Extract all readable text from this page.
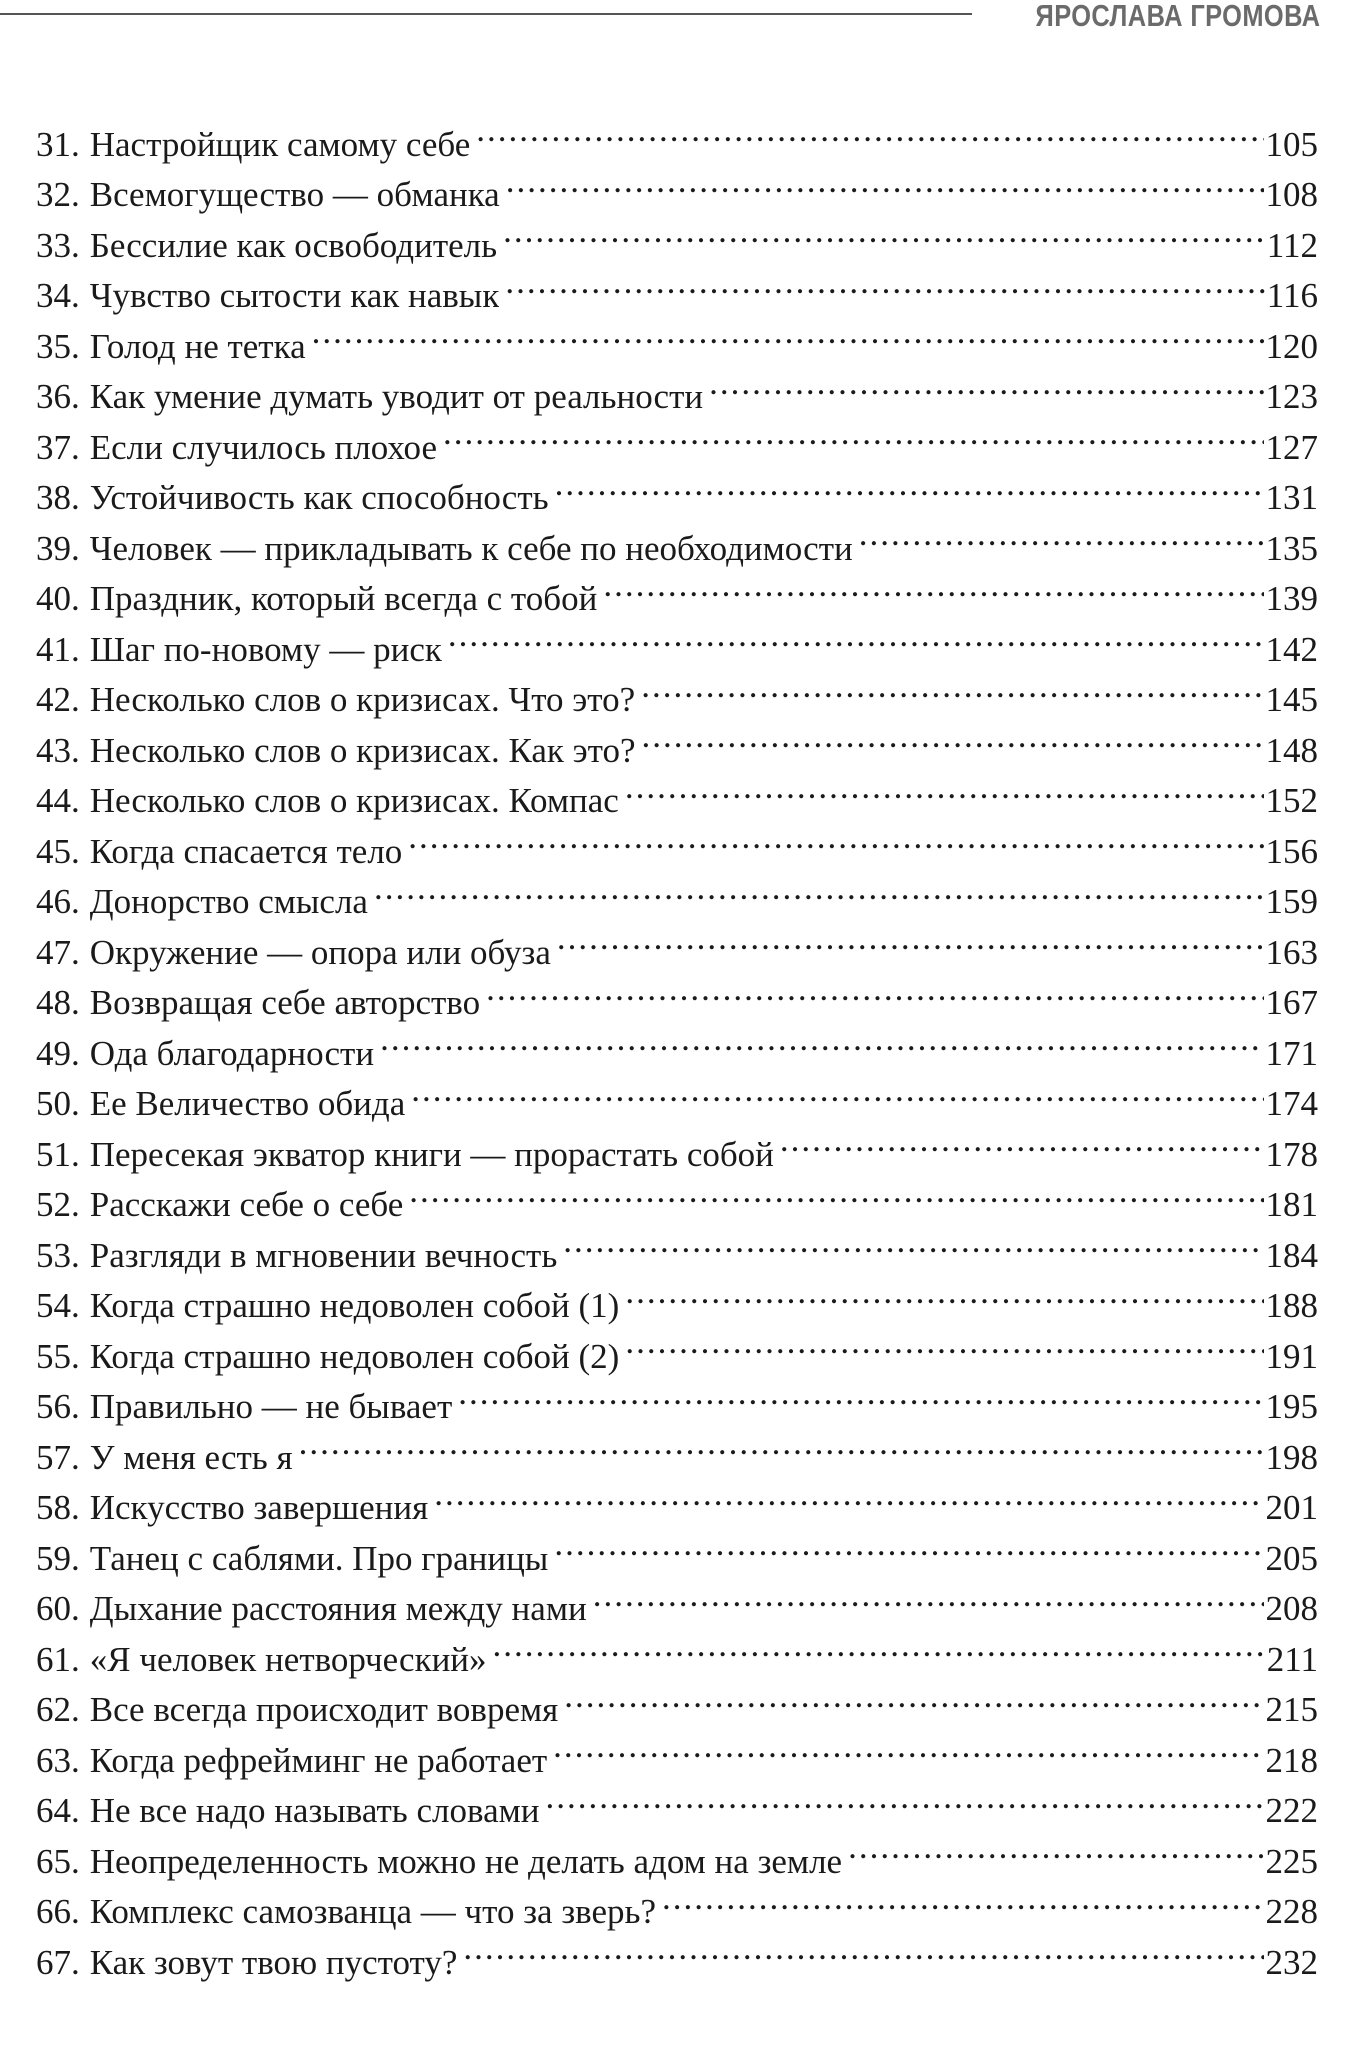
ЯРОСЛАВА ГРОМОВА
31. Настройщик самому себе .....	105
32. Всемогущество — обманка .....	108
33. Бессилие как освободитель .....	112
34. Чувство сытости как навык .....	116
35. Голод не тетка .....	120
36. Как умение думать уводит от реальности .....	123
37. Если случилось плохое .....	127
38. Устойчивость как способность .....	131
39. Человек — прикладывать к себе по необходимости .....	135
40. Праздник, который всегда с тобой .....	139
41. Шаг по-новому — риск .....	142
42. Несколько слов о кризисах. Что это? .....	145
43. Несколько слов о кризисах. Как это? .....	148
44. Несколько слов о кризисах. Компас .....	152
45. Когда спасается тело .....	156
46. Донорство смысла .....	159
47. Окружение — опора или обуза .....	163
48. Возвращая себе авторство .....	167
49. Ода благодарности .....	171
50. Ее Величество обида .....	174
51. Пересекая экватор книги — прорастать собой .....	178
52. Расскажи себе о себе .....	181
53. Разгляди в мгновении вечность .....	184
54. Когда страшно недоволен собой (1) .....	188
55. Когда страшно недоволен собой (2) .....	191
56. Правильно — не бывает .....	195
57. У меня есть я .....	198
58. Искусство завершения .....	201
59. Танец с саблями. Про границы .....	205
60. Дыхание расстояния между нами .....	208
61. «Я человек нетворческий» .....	211
62. Все всегда происходит вовремя .....	215
63. Когда рефрейминг не работает .....	218
64. Не все надо называть словами .....	222
65. Неопределенность можно не делать адом на земле .....	225
66. Комплекс самозванца — что за зверь? .....	228
67. Как зовут твою пустоту? .....	232
